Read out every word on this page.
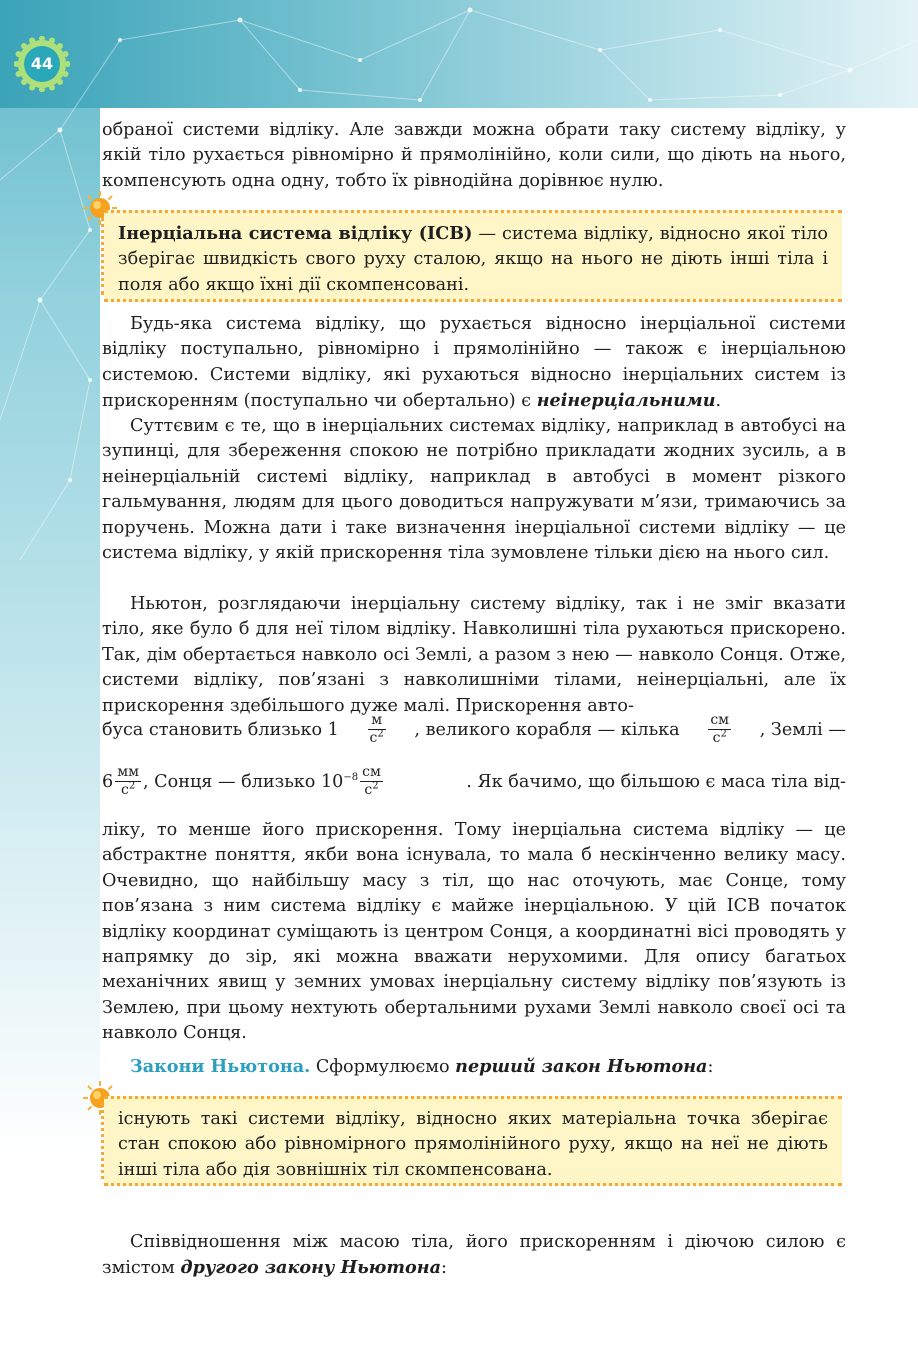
44

обраної системи відліку. Але завжди можна обрати таку систему відліку, у якій тіло рухається рівномірно й прямолінійно, коли сили, що діють на нього, компенсують одна одну, тобто їх рівнодійна дорівнює нулю.

Інерціальна система відліку (ІСВ) — система відліку, відносно якої тіло зберігає швидкість свого руху сталою, якщо на нього не діють інші тіла і поля або якщо їхні дії скомпенсовані.

Будь-яка система відліку, що рухається відносно інерціальної системи відліку поступально, рівномірно і прямолінійно — також є інерціальною системою. Системи відліку, які рухаються відносно інерціальних систем із прискоренням (поступально чи обертально) є неінерціальними.

Суттєвим є те, що в інерціальних системах відліку, наприклад в автобусі на зупинці, для збереження спокою не потрібно прикладати жодних зусиль, а в неінерціальній системі відліку, наприклад в автобусі в момент різкого гальмування, людям для цього доводиться напружувати м’язи, тримаючись за поручень. Можна дати і таке визначення інерціальної системи відліку — це система відліку, у якій прискорення тіла зумовлене тільки дією на нього сил.

Ньютон, розглядаючи інерціальну систему відліку, так і не зміг вказати тіло, яке було б для неї тілом відліку. Навколишні тіла рухаються прискорено. Так, дім обертається навколо осі Землі, а разом з нею — навколо Сонця. Отже, системи відліку, пов’язані з навколишніми тілами, неінерціальні, але їх прискорення здебільшого дуже малі. Прискорення авто-

буса становить близько $1 \frac{м}{с^2}$ , великого корабля — кілька $\frac{см}{с^2}$ , Землі —
$6 \frac{мм}{с^2}$ , Сонця — близько $10^{-8} \frac{см}{с^2}$	. Як бачимо, що більшою є маса тіла від-

ліку, то менше його прискорення. Тому інерціальна система відліку — це абстрактне поняття, якби вона існувала, то мала б нескінченно велику масу. Очевидно, що найбільшу масу з тіл, що нас оточують, має Сонце, тому пов’язана з ним система відліку є майже інерціальною. У цій ІСВ початок відліку координат суміщають із центром Сонця, а координатні вісі проводять у напрямку до зір, які можна вважати нерухомими. Для опису багатьох механічних явищ у земних умовах інерціальну систему відліку пов’язують із Землею, при цьому нехтують обертальними рухами Землі навколо своєї осі та навколо Сонця.

Закони Ньютона. Сформулюємо перший закон Ньютона:

існують такі системи відліку, відносно яких матеріальна точка зберігає стан спокою або рівномірного прямолінійного руху, якщо на неї не діють інші тіла або дія зовнішніх тіл скомпенсована.

Співвідношення між масою тіла, його прискоренням і діючою силою є змістом другого закону Ньютона:
